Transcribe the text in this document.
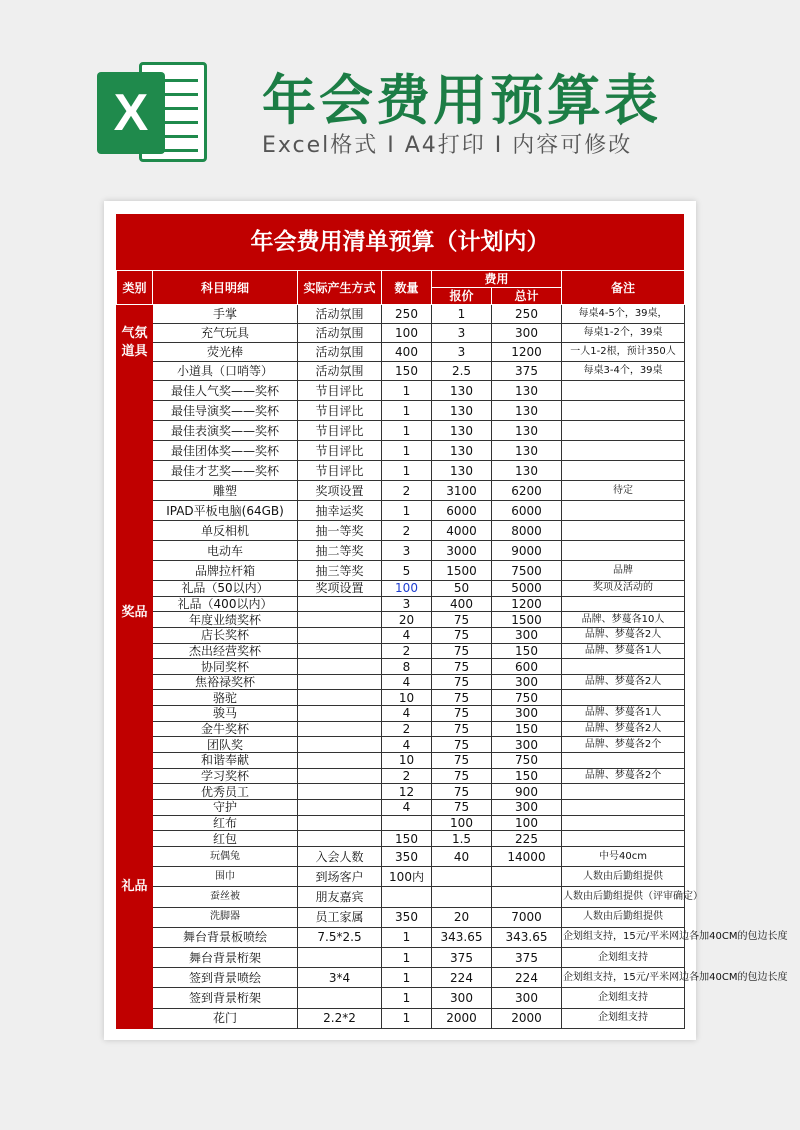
X	年会费用预算表
Excel格式 I A4打印 I 内容可修改
年会费用清单预算（计划内）
类别	科目明细	实际产生方式	数量	费用		备注
				报价	总计	
气氛道具	手掌	活动氛围	250	1	250	每桌4-5个，39桌，
	充气玩具	活动氛围	100	3	300	每桌1-2个，39桌
	荧光棒	活动氛围	400	3	1200	一人1-2根，预计350人
	小道具（口哨等）	活动氛围	150	2.5	375	每桌3-4个，39桌
奖品	最佳人气奖——奖杯	节目评比	1	130	130	
	最佳导演奖——奖杯	节目评比	1	130	130	
	最佳表演奖——奖杯	节目评比	1	130	130	
	最佳团体奖——奖杯	节目评比	1	130	130	
	最佳才艺奖——奖杯	节目评比	1	130	130	
	雕塑	奖项设置	2	3100	6200	待定
	IPAD平板电脑(64GB)	抽幸运奖	1	6000	6000	
	单反相机	抽一等奖	2	4000	8000	
	电动车	抽二等奖	3	3000	9000	
	品牌拉杆箱	抽三等奖	5	1500	7500	品牌
	礼品（50以内）	奖项设置	100	50	5000	奖项及活动的
	礼品（400以内）		3	400	1200	
	年度业绩奖杯		20	75	1500	品牌、梦蔓各10人
	店长奖杯		4	75	300	品牌、梦蔓各2人
	杰出经营奖杯		2	75	150	品牌、梦蔓各1人
	协同奖杯		8	75	600	
	焦裕禄奖杯		4	75	300	品牌、梦蔓各2人
	骆驼		10	75	750	
	骏马		4	75	300	品牌、梦蔓各1人
	金牛奖杯		2	75	150	品牌、梦蔓各2人
	团队奖		4	75	300	品牌、梦蔓各2个
	和谐奉献		10	75	750	
	学习奖杯		2	75	150	品牌、梦蔓各2个
	优秀员工		12	75	900	
	守护		4	75	300	
	红布			100	100	
	红包		150	1.5	225	
礼品	玩偶兔	入会人数	350	40	14000	中号40cm
	围巾	到场客户	100内			人数由后勤组提供
	蚕丝被	朋友嘉宾				人数由后勤组提供（评审确定）
	洗脚器	员工家属	350	20	7000	人数由后勤组提供
	舞台背景板喷绘	7.5*2.5	1	343.65	343.65	企划组支持，15元/平米网边各加40CM的包边长度
	舞台背景桁架		1	375	375	企划组支持
	签到背景喷绘	3*4	1	224	224	企划组支持，15元/平米网边各加40CM的包边长度
	签到背景桁架		1	300	300	企划组支持
	花门	2.2*2	1	2000	2000	企划组支持
